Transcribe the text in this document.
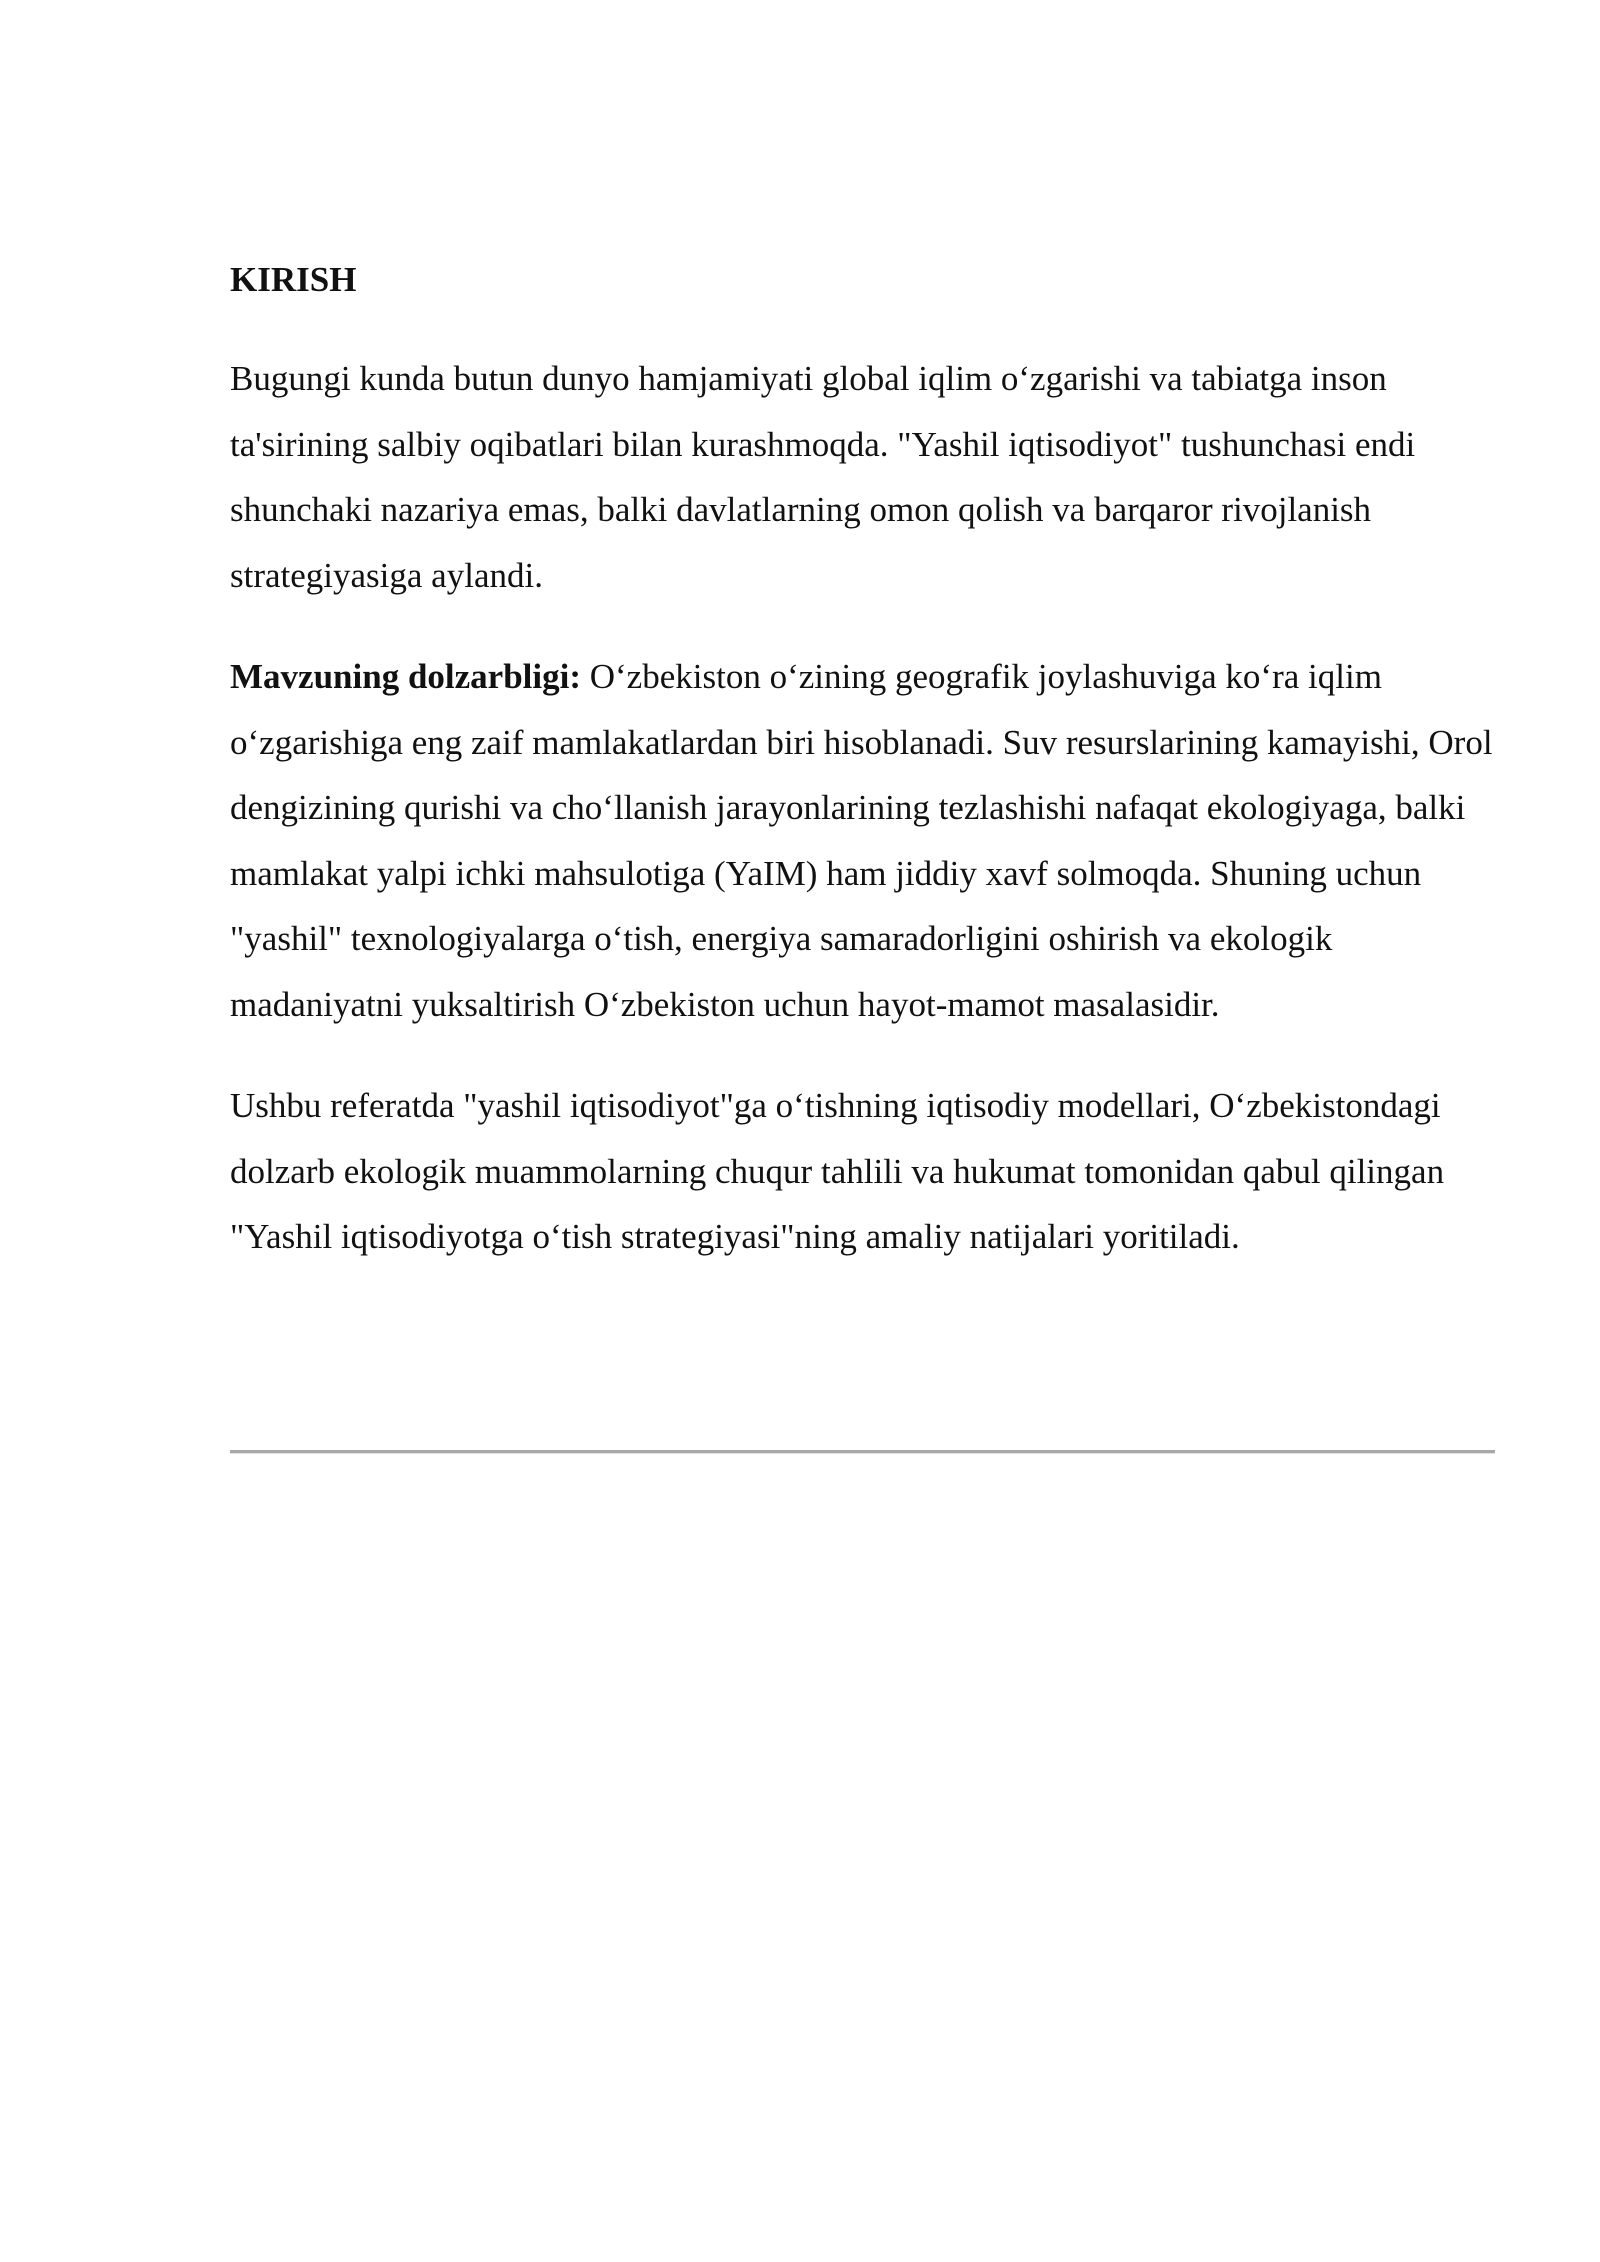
KIRISH

Bugungi kunda butun dunyo hamjamiyati global iqlim o‘zgarishi va tabiatga inson ta'sirining salbiy oqibatlari bilan kurashmoqda. "Yashil iqtisodiyot" tushunchasi endi shunchaki nazariya emas, balki davlatlarning omon qolish va barqaror rivojlanish strategiyasiga aylandi.

Mavzuning dolzarbligi: O‘zbekiston o‘zining geografik joylashuviga ko‘ra iqlim o‘zgarishiga eng zaif mamlakatlardan biri hisoblanadi. Suv resurslarining kamayishi, Orol dengizining qurishi va cho‘llanish jarayonlarining tezlashishi nafaqat ekologiyaga, balki mamlakat yalpi ichki mahsulotiga (YaIM) ham jiddiy xavf solmoqda. Shuning uchun "yashil" texnologiyalarga o‘tish, energiya samaradorligini oshirish va ekologik madaniyatni yuksaltirish O‘zbekiston uchun hayot-mamot masalasidir.

Ushbu referatda "yashil iqtisodiyot"ga o‘tishning iqtisodiy modellari, O‘zbekistondagi dolzarb ekologik muammolarning chuqur tahlili va hukumat tomonidan qabul qilingan "Yashil iqtisodiyotga o‘tish strategiyasi"ning amaliy natijalari yoritiladi.
